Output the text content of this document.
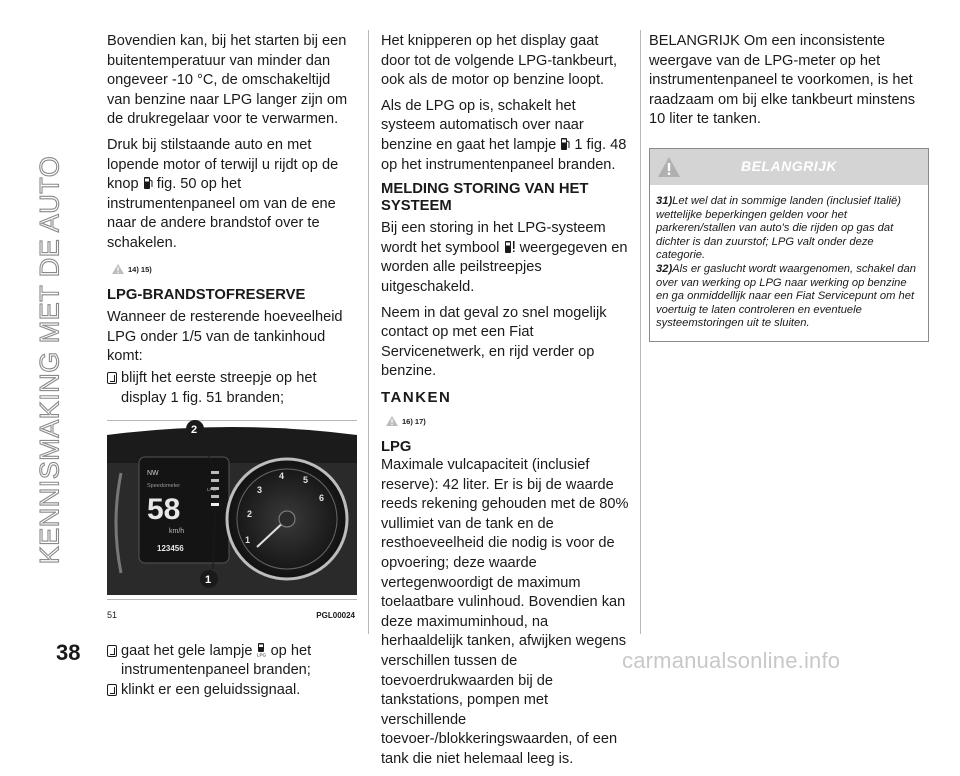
KENNISMAKING MET DE AUTO

Bovendien kan, bij het starten bij een buitentemperatuur van minder dan ongeveer -10 °C, de omschakeltijd van benzine naar LPG langer zijn om de drukregelaar voor te verwarmen.

Druk bij stilstaande auto en met lopende motor of terwijl u rijdt op de knop fig. 50 op het instrumentenpaneel om van de ene naar de andere brandstof over te schakelen.

14) 15)
LPG-BRANDSTOFRESERVE

Wanneer de resterende hoeveelheid LPG onder 1/5 van de tankinhoud komt:

blijft het eerste streepje op het display 1 fig. 51 branden;
NW
Speedometer
58
km/h
123456
LPG
1
2
3
4 5
6
2
1
51	PGL00024
gaat het gele lampje LPG op het instrumentenpaneel branden;
klinkt er een geluidssignaal.

Het knipperen op het display gaat door tot de volgende LPG-tankbeurt, ook als de motor op benzine loopt.

Als de LPG op is, schakelt het systeem automatisch over naar benzine en gaat het lampje 1 fig. 48 op het instrumentenpaneel branden.

MELDING STORING VAN HET SYSTEEM

Bij een storing in het LPG-systeem wordt het symbool weergegeven en worden alle peilstreepjes uitgeschakeld.

Neem in dat geval zo snel mogelijk contact op met een Fiat Servicenetwerk, en rijd verder op benzine.

TANKEN
16) 17)
LPG

Maximale vulcapaciteit (inclusief reserve): 42 liter. Er is bij de waarde reeds rekening gehouden met de 80% vullimiet van de tank en de resthoeveelheid die nodig is voor de opvoering; deze waarde vertegenwoordigt de maximum toelaatbare vulinhoud. Bovendien kan deze maximuminhoud, na herhaaldelijk tanken, afwijken wegens verschillen tussen de toevoerdrukwaarden bij de tankstations, pompen met verschillende toevoer-/blokkeringswaarden, of een tank die niet helemaal leeg is.

BELANGRIJK Om een inconsistente weergave van de LPG-meter op het instrumentenpaneel te voorkomen, is het raadzaam om bij elke tankbeurt minstens 10 liter te tanken.

BELANGRIJK

31)Let wel dat in sommige landen (inclusief Italië) wettelijke beperkingen gelden voor het parkeren/stallen van auto's die rijden op gas dat dichter is dan zuurstof; LPG valt onder deze categorie.

32)Als er gaslucht wordt waargenomen, schakel dan over van werking op LPG naar werking op benzine en ga onmiddellijk naar een Fiat Servicepunt om het voertuig te laten controleren en eventuele systeemstoringen uit te sluiten.

38	carmanualsonline.info
